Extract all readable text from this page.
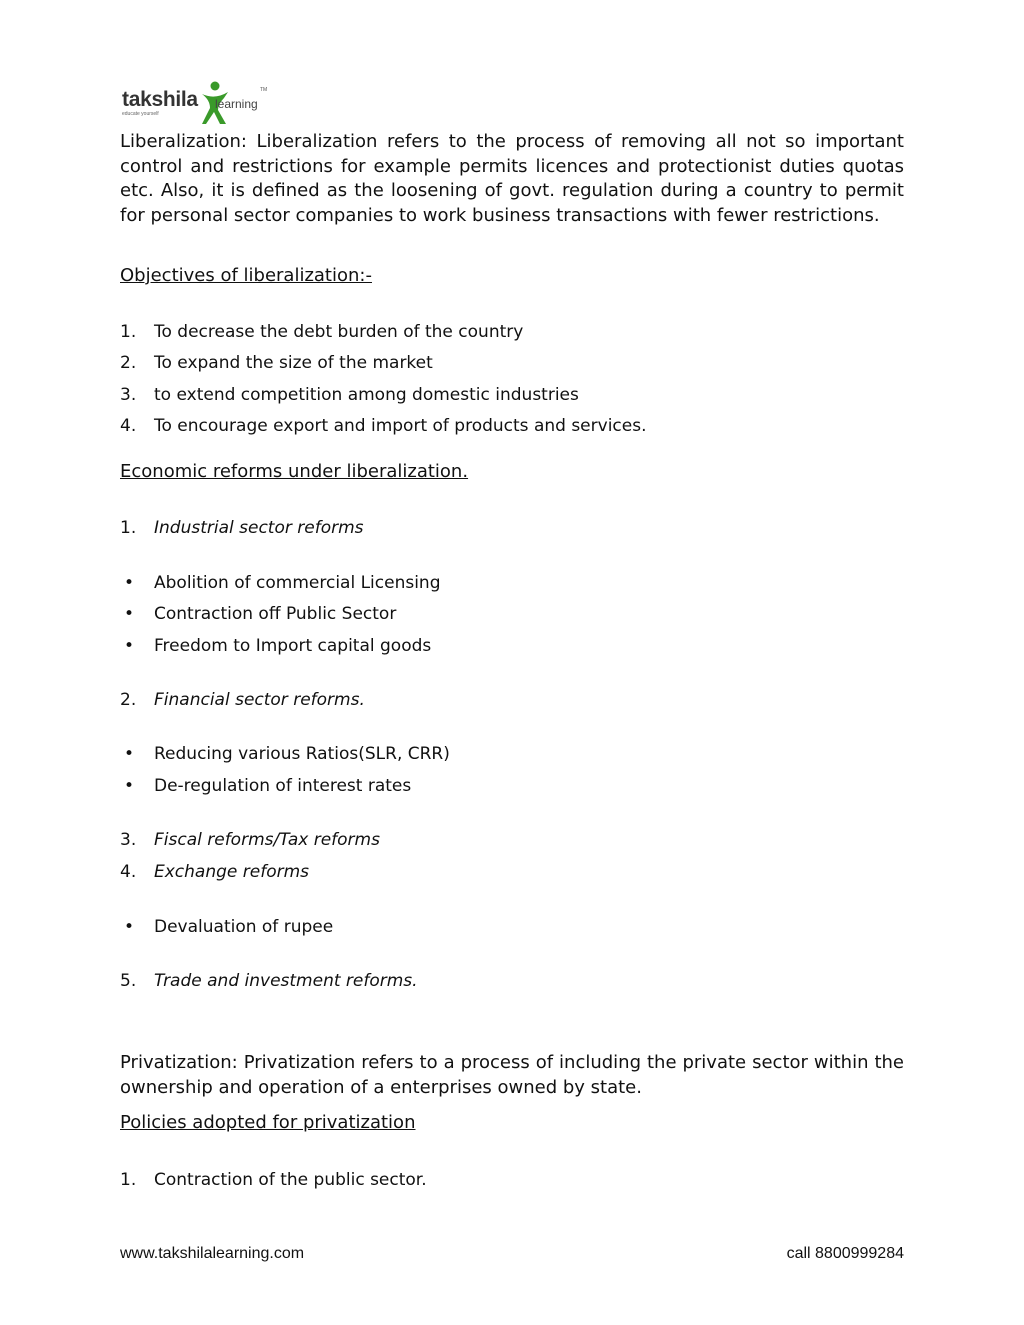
takshila learning
educate yourself
TM

Liberalization: Liberalization refers to the process of removing all not so important control and restrictions for example permits licences and protectionist duties quotas etc. Also, it is defined as the loosening of govt. regulation during a country to permit for personal sector companies to work business transactions with fewer restrictions.

Objectives of liberalization:-

1. To decrease the debt burden of the country
2. To expand the size of the market
3. to extend competition among domestic industries
4. To encourage export and import of products and services.

Economic reforms under liberalization.

1. Industrial sector reforms
• Abolition of commercial Licensing
• Contraction off Public Sector
• Freedom to Import capital goods
2. Financial sector reforms.
• Reducing various Ratios(SLR, CRR)
• De-regulation of interest rates
3. Fiscal reforms/Tax reforms
4. Exchange reforms
• Devaluation of rupee
5. Trade and investment reforms.

Privatization: Privatization refers to a process of including the private sector within the ownership and operation of a enterprises owned by state.

Policies adopted for privatization

1. Contraction of the public sector.
www.takshilalearning.com	call 8800999284
